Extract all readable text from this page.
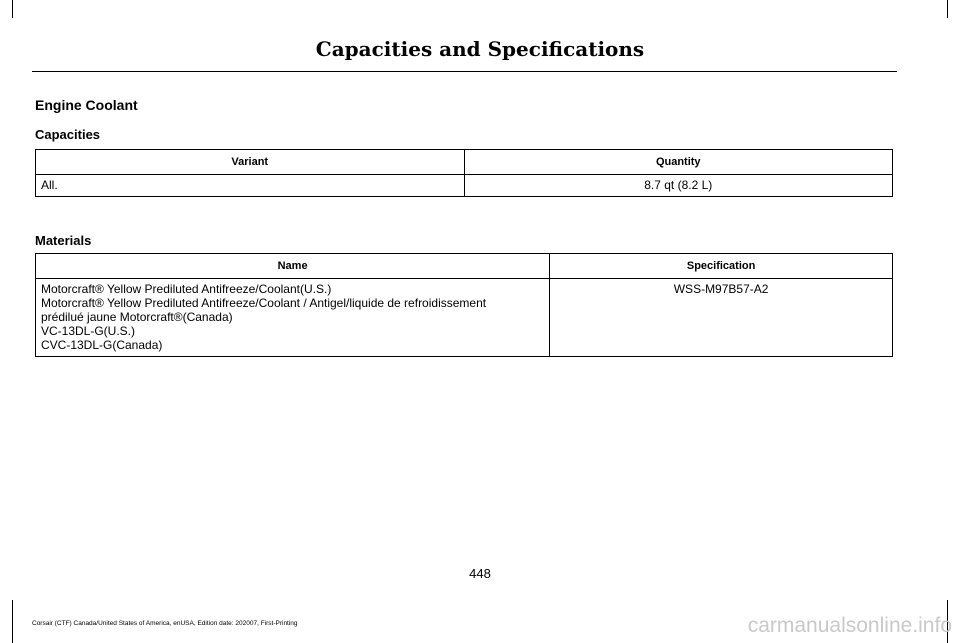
Capacities and Specifications
Engine Coolant
Capacities
Variant	Quantity
All.	8.7 qt (8.2 L)
Materials
Name	Specification

Motorcraft® Yellow Prediluted Antifreeze/Coolant(U.S.)
Motorcraft® Yellow Prediluted Antifreeze/Coolant / Antigel/liquide de refroidissement
prédilué jaune Motorcraft®(Canada)
VC-13DL-G(U.S.)
CVC-13DL-G(Canada)	WSS-M97B57-A2
448
Corsair (CTF) Canada/United States of America, enUSA, Edition date: 202007, First-Printing	carmanualsonline.info
